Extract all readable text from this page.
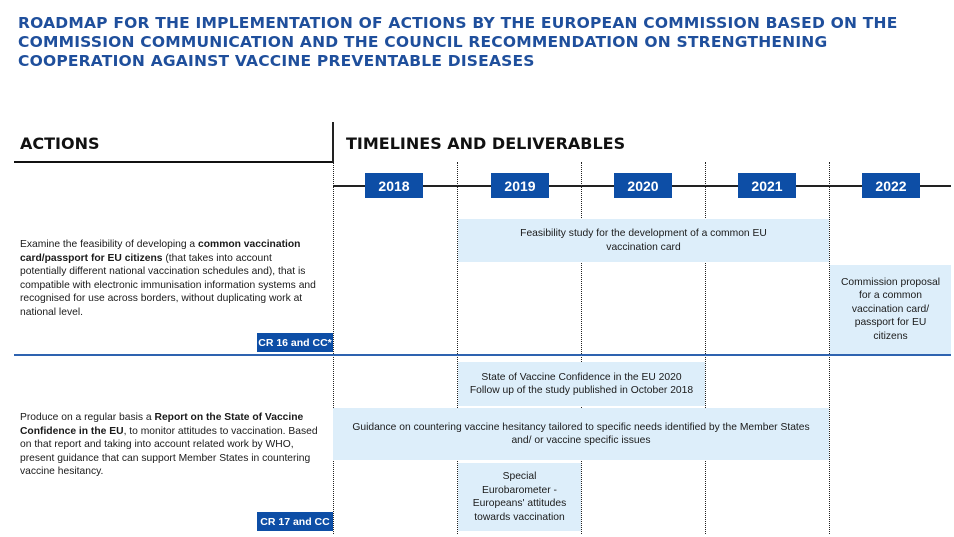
ROADMAP FOR THE IMPLEMENTATION OF ACTIONS BY THE EUROPEAN COMMISSION BASED ON THE COMMISSION COMMUNICATION AND THE COUNCIL RECOMMENDATION ON STRENGTHENING COOPERATION AGAINST VACCINE PREVENTABLE DISEASES
ACTIONS	TIMELINES AND DELIVERABLES
2018	2019	2020	2021	2022
Examine the feasibility of developing a common vaccination card/passport for EU citizens (that takes into account potentially different national vaccination schedules and), that is compatible with electronic immunisation information systems and recognised for use across borders, without duplicating work at national level.
CR 16 and CC*
Feasibility study for the development of a common EU vaccination card
Commission proposal for a common vaccination card/ passport for EU citizens
Produce on a regular basis a Report on the State of Vaccine Confidence in the EU, to monitor attitudes to vaccination. Based on that report and taking into account related work by WHO, present guidance that can support Member States in countering vaccine hesitancy.
CR 17 and CC
State of Vaccine Confidence in the EU 2020 Follow up of the study published in October 2018
Guidance on countering vaccine hesitancy tailored to specific needs identified by the Member States and/ or vaccine specific issues
Special Eurobarometer - Europeans' attitudes towards vaccination
